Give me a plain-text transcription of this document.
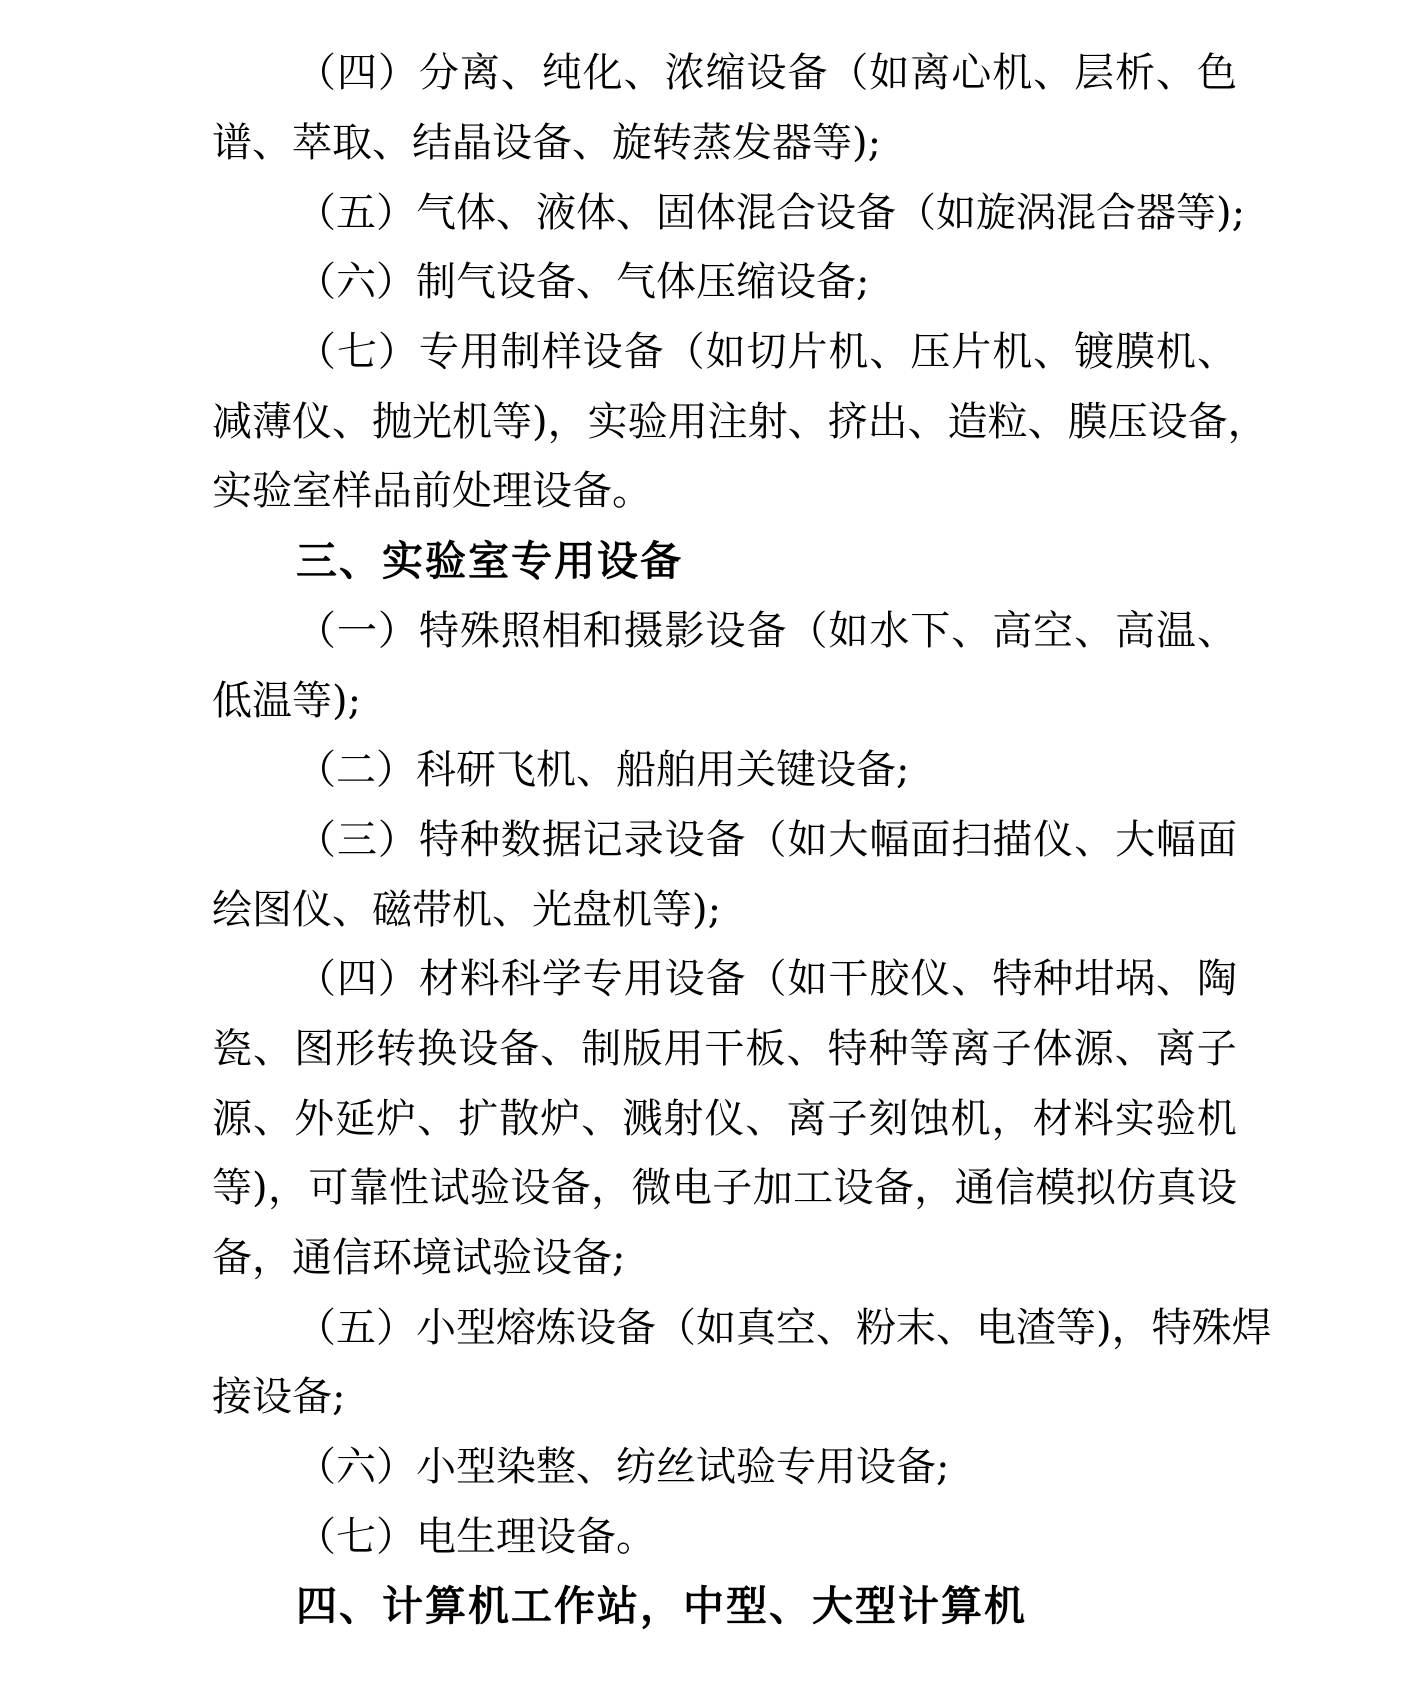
（ 四 ） 分 离 、 纯 化 、 浓 缩 设 备 （ 如 离 心 机 、 层 析 、 色
谱、萃取、结晶设备、旋转蒸发器等);
（ 五 ） 气 体 、 液 体 、 固 体 混 合 设 备 （ 如 旋 涡 混 合 器 等);
（六）制气设备、气体压缩设备;
（ 七 ） 专 用 制 样 设 备 （ 如 切 片 机 、 压 片 机 、 镀 膜 机 、
减 薄 仪 、 抛 光 机 等) ， 实 验 用 注 射 、 挤 出 、 造 粒 、 膜 压 设 备 ，
实验室样品前处理设备。
三、实验室专用设备
（ 一 ） 特 殊 照 相 和 摄 影 设 备 （ 如 水 下 、 高 空 、 高 温 、
低温等);
（二）科研飞机、船舶用关键设备;
（ 三 ） 特 种 数 据 记 录 设 备 （ 如 大 幅 面 扫 描 仪 、 大 幅 面
绘图仪、磁带机、光盘机等);
（ 四 ） 材 料 科 学 专 用 设 备 （ 如 干 胶 仪 、 特 种 坩 埚 、 陶
瓷 、 图 形 转 换 设 备 、 制 版 用 干 板 、 特 种 等 离 子 体 源 、 离 子
源 、 外 延 炉 、 扩 散 炉 、 溅 射 仪 、 离 子 刻 蚀 机 ， 材 料 实 验 机
等) ， 可 靠 性 试 验 设 备 ， 微 电 子 加 工 设 备 ， 通 信 模 拟 仿 真 设
备，通信环境试验设备;
（ 五 ） 小 型 熔 炼 设 备 （ 如 真 空 、 粉 末 、 电 渣 等) ， 特 殊 焊
接设备;
（六）小型染整、纺丝试验专用设备;
（七）电生理设备。
四、计算机工作站，中型、大型计算机
